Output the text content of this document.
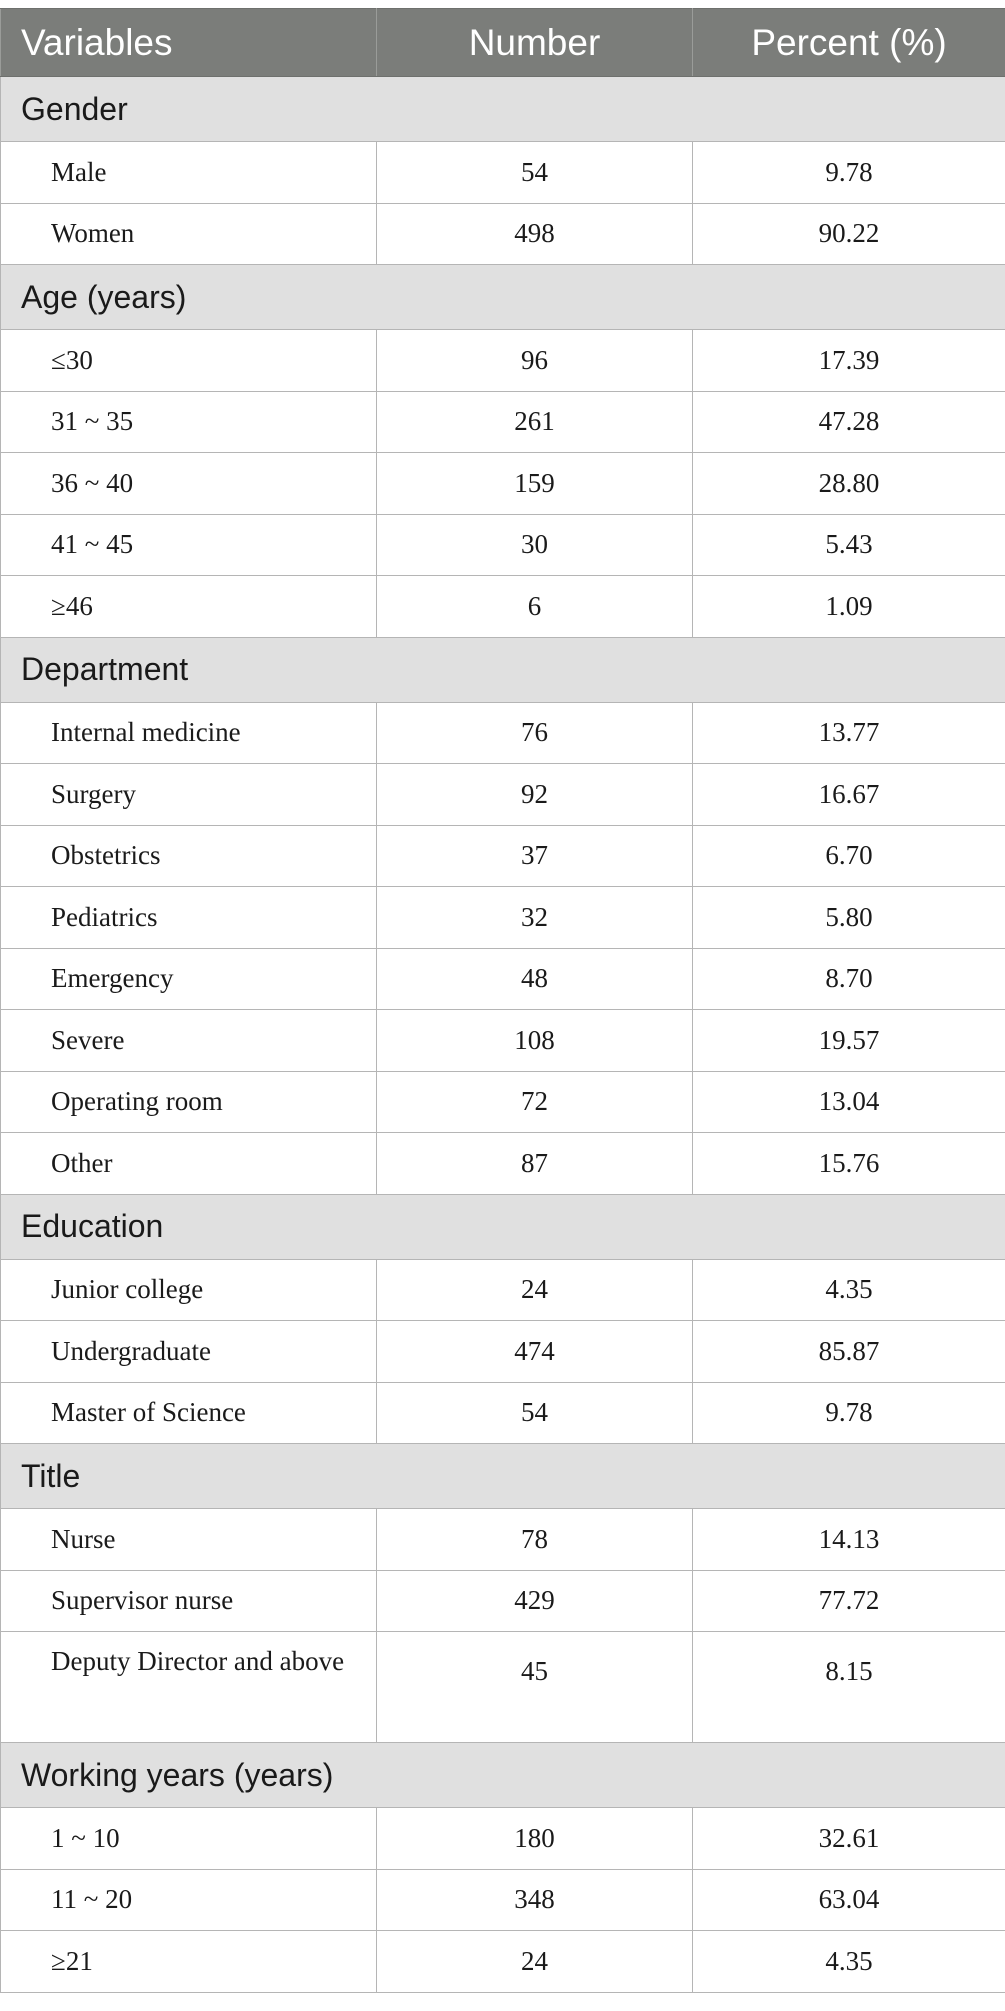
Variables	Number	Percent (%)
Gender		
Male	54	9.78
Women	498	90.22
Age (years)		
≤30	96	17.39
31 ~ 35	261	47.28
36 ~ 40	159	28.80
41 ~ 45	30	5.43
≥46	6	1.09
Department		
Internal medicine	76	13.77
Surgery	92	16.67
Obstetrics	37	6.70
Pediatrics	32	5.80
Emergency	48	8.70
Severe	108	19.57
Operating room	72	13.04
Other	87	15.76
Education		
Junior college	24	4.35
Undergraduate	474	85.87
Master of Science	54	9.78
Title		
Nurse	78	14.13
Supervisor nurse	429	77.72
Deputy Director and above	45	8.15
Working years (years)		
1 ~ 10	180	32.61
11 ~ 20	348	63.04
≥21	24	4.35
